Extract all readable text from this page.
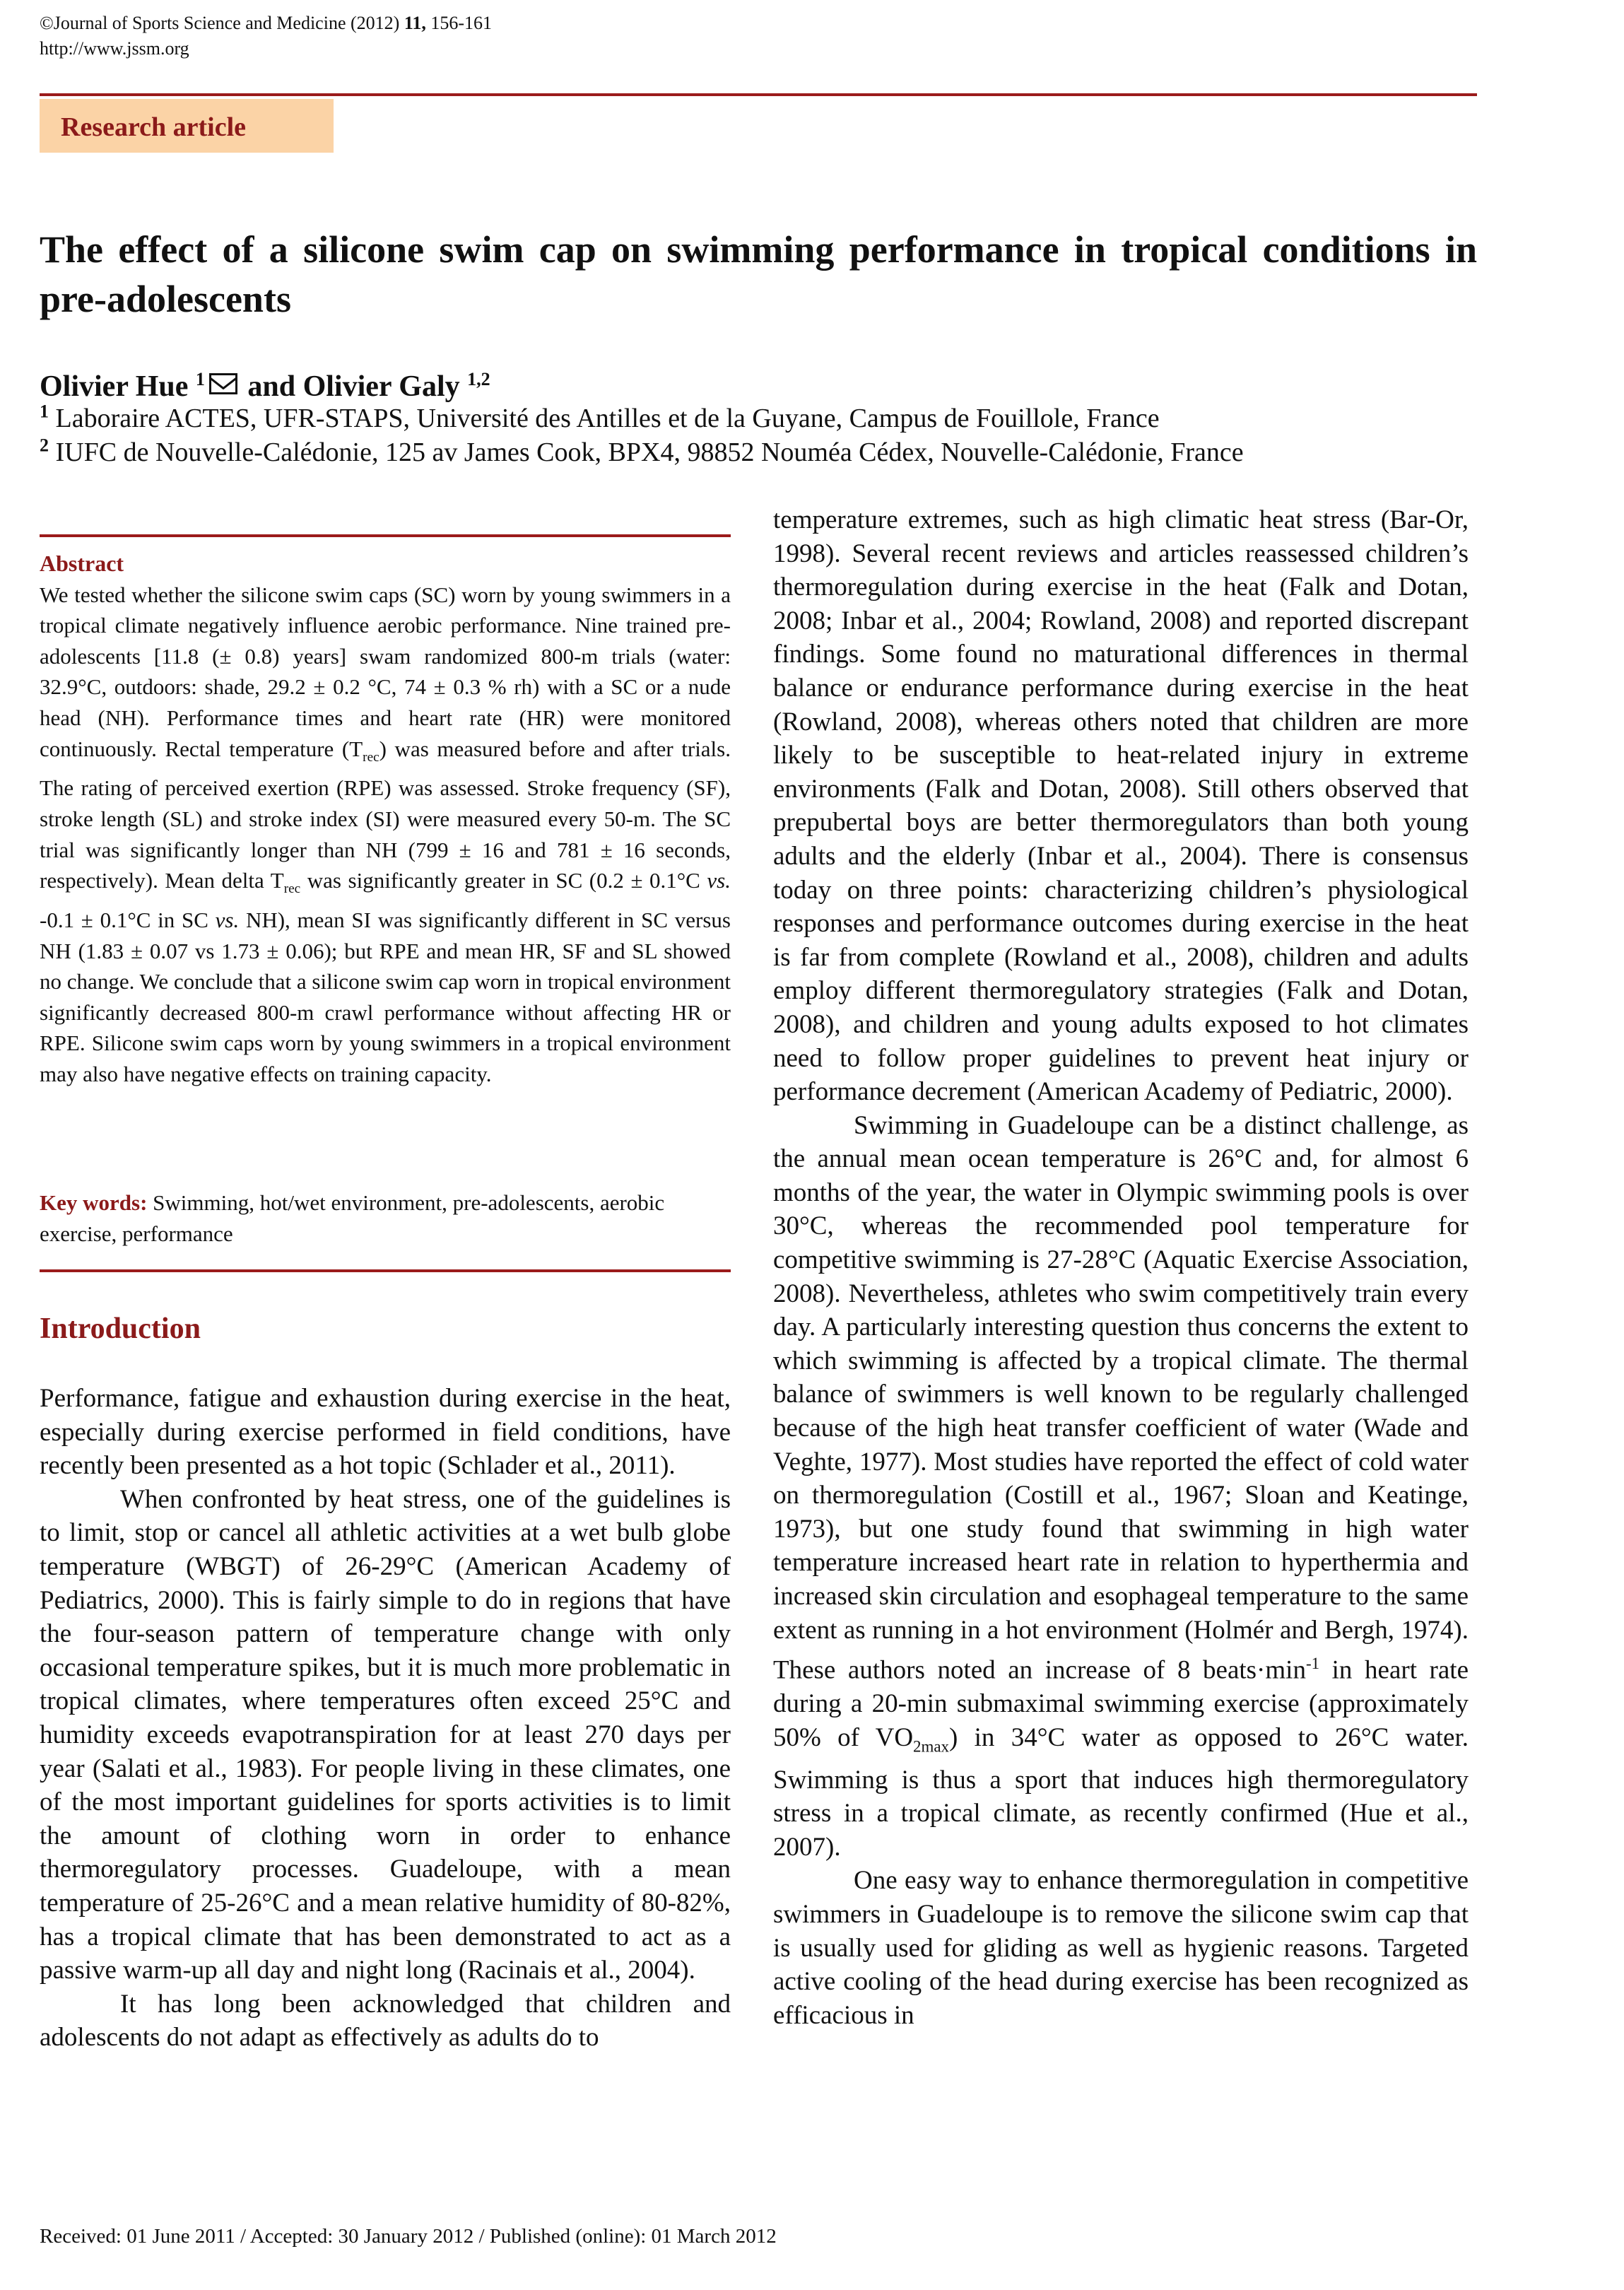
©Journal of Sports Science and Medicine (2012) 11, 156-161
http://www.jssm.org
Research article
The effect of a silicone swim cap on swimming performance in tropical conditions in pre-adolescents
Olivier Hue $^1$ and Olivier Galy $^{1,2}$
$^1$ Laboraire ACTES, UFR-STAPS, Université des Antilles et de la Guyane, Campus de Fouillole, France
$^2$ IUFC de Nouvelle-Calédonie, 125 av James Cook, BPX4, 98852 Nouméa Cédex, Nouvelle-Calédonie, France
Abstract
We tested whether the silicone swim caps (SC) worn by young swimmers in a tropical climate negatively influence aerobic performance. Nine trained pre-adolescents [11.8 (± 0.8) years] swam randomized 800-m trials (water: 32.9°C, outdoors: shade, 29.2 ± 0.2 °C, 74 ± 0.3 % rh) with a SC or a nude head (NH). Performance times and heart rate (HR) were monitored continuously. Rectal temperature $(T_{rec})$ was measured before and after trials. The rating of perceived exertion (RPE) was assessed. Stroke frequency (SF), stroke length (SL) and stroke index (SI) were measured every 50-m. The SC trial was significantly longer than NH (799 ± 16 and 781 ± 16 seconds, respectively). Mean delta $T_{rec}$ was significantly greater in SC (0.2 ± 0.1°C vs. -0.1 ± 0.1°C in SC vs. NH), mean SI was significantly different in SC versus NH (1.83 ± 0.07 vs 1.73 ± 0.06); but RPE and mean HR, SF and SL showed no change. We conclude that a silicone swim cap worn in tropical environment significantly decreased 800-m crawl performance without affecting HR or RPE. Silicone swim caps worn by young swimmers in a tropical environment may also have negative effects on training capacity.
Key words: Swimming, hot/wet environment, pre-adolescents, aerobic exercise, performance
Introduction

Performance, fatigue and exhaustion during exercise in the heat, especially during exercise performed in field conditions, have recently been presented as a hot topic (Schlader et al., 2011).

When confronted by heat stress, one of the guidelines is to limit, stop or cancel all athletic activities at a wet bulb globe temperature (WBGT) of 26-29°C (American Academy of Pediatrics, 2000). This is fairly simple to do in regions that have the four-season pattern of temperature change with only occasional temperature spikes, but it is much more problematic in tropical climates, where temperatures often exceed 25°C and humidity exceeds evapotranspiration for at least 270 days per year (Salati et al., 1983). For people living in these climates, one of the most important guidelines for sports activities is to limit the amount of clothing worn in order to enhance thermoregulatory processes. Guadeloupe, with a mean temperature of 25-26°C and a mean relative humidity of 80-82%, has a tropical climate that has been demonstrated to act as a passive warm-up all day and night long (Racinais et al., 2004).

It has long been acknowledged that children and adolescents do not adapt as effectively as adults do to

temperature extremes, such as high climatic heat stress (Bar-Or, 1998). Several recent reviews and articles reassessed children’s thermoregulation during exercise in the heat (Falk and Dotan, 2008; Inbar et al., 2004; Rowland, 2008) and reported discrepant findings. Some found no maturational differences in thermal balance or endurance performance during exercise in the heat (Rowland, 2008), whereas others noted that children are more likely to be susceptible to heat-related injury in extreme environments (Falk and Dotan, 2008). Still others observed that prepubertal boys are better thermoregulators than both young adults and the elderly (Inbar et al., 2004). There is consensus today on three points: characterizing children’s physiological responses and performance outcomes during exercise in the heat is far from complete (Rowland et al., 2008), children and adults employ different thermoregulatory strategies (Falk and Dotan, 2008), and children and young adults exposed to hot climates need to follow proper guidelines to prevent heat injury or performance decrement (American Academy of Pediatric, 2000).

Swimming in Guadeloupe can be a distinct challenge, as the annual mean ocean temperature is 26°C and, for almost 6 months of the year, the water in Olympic swimming pools is over 30°C, whereas the recommended pool temperature for competitive swimming is 27-28°C (Aquatic Exercise Association, 2008). Nevertheless, athletes who swim competitively train every day. A particularly interesting question thus concerns the extent to which swimming is affected by a tropical climate. The thermal balance of swimmers is well known to be regularly challenged because of the high heat transfer coefficient of water (Wade and Veghte, 1977). Most studies have reported the effect of cold water on thermoregulation (Costill et al., 1967; Sloan and Keatinge, 1973), but one study found that swimming in high water temperature increased heart rate in relation to hyperthermia and increased skin circulation and esophageal temperature to the same extent as running in a hot environment (Holmér and Bergh, 1974). These authors noted an increase of 8 $beats\cdot\min^{-1}$ in heart rate during a 20-min submaximal swimming exercise (approximately 50% of $VO_{2max}$) in 34°C water as opposed to 26°C water. Swimming is thus a sport that induces high thermoregulatory stress in a tropical climate, as recently confirmed (Hue et al., 2007).

One easy way to enhance thermoregulation in competitive swimmers in Guadeloupe is to remove the silicone swim cap that is usually used for gliding as well as hygienic reasons. Targeted active cooling of the head during exercise has been recognized as efficacious in

Received: 01 June 2011 / Accepted: 30 January 2012 / Published (online): 01 March 2012
